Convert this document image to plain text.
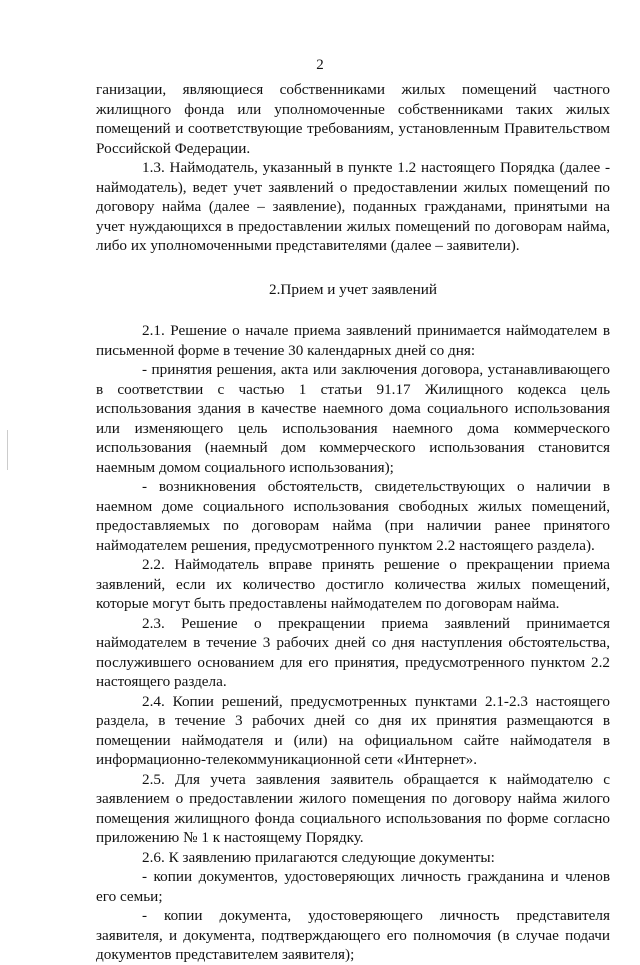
2

ганизации, являющиеся собственниками жилых помещений частного жилищного фонда или уполномоченные собственниками таких жилых помещений и соответствующие требованиям, установленным Правительством Российской Федерации.

1.3. Наймодатель, указанный в пункте 1.2 настоящего Порядка (далее - наймодатель), ведет учет заявлений о предоставлении жилых помещений по договору найма (далее – заявление), поданных гражданами, принятыми на учет нуждающихся в предоставлении жилых помещений по договорам найма, либо их уполномоченными представителями (далее – заявители).

2.Прием и учет заявлений

2.1. Решение о начале приема заявлений принимается наймодателем в письменной форме в течение 30 календарных дней со дня:

- принятия решения, акта или заключения договора, устанавливающего в соответствии с частью 1 статьи 91.17 Жилищного кодекса цель использования здания в качестве наемного дома социального использования или изменяющего цель использования наемного дома коммерческого использования (наемный дом коммерческого использования становится наемным домом социального использования);

- возникновения обстоятельств, свидетельствующих о наличии в наемном доме социального использования свободных жилых помещений, предоставляемых по договорам найма (при наличии ранее принятого наймодателем решения, предусмотренного пунктом 2.2 настоящего раздела).

2.2. Наймодатель вправе принять решение о прекращении приема заявлений, если их количество достигло количества жилых помещений, которые могут быть предоставлены наймодателем по договорам найма.

2.3. Решение о прекращении приема заявлений принимается наймодателем в течение 3 рабочих дней со дня наступления обстоятельства, послужившего основанием для его принятия, предусмотренного пунктом 2.2 настоящего раздела.

2.4. Копии решений, предусмотренных пунктами 2.1-2.3 настоящего раздела, в течение 3 рабочих дней со дня их принятия размещаются в помещении наймодателя и (или) на официальном сайте наймодателя в информационно-телекоммуникационной сети «Интернет».

2.5. Для учета заявления заявитель обращается к наймодателю с заявлением о предоставлении жилого помещения по договору найма жилого помещения жилищного фонда социального использования по форме согласно приложению № 1 к настоящему Порядку.

2.6. К заявлению прилагаются следующие документы:

- копии документов, удостоверяющих личность гражданина и членов его семьи;

- копии документа, удостоверяющего личность представителя заявителя, и документа, подтверждающего его полномочия (в случае подачи документов представителем заявителя);
